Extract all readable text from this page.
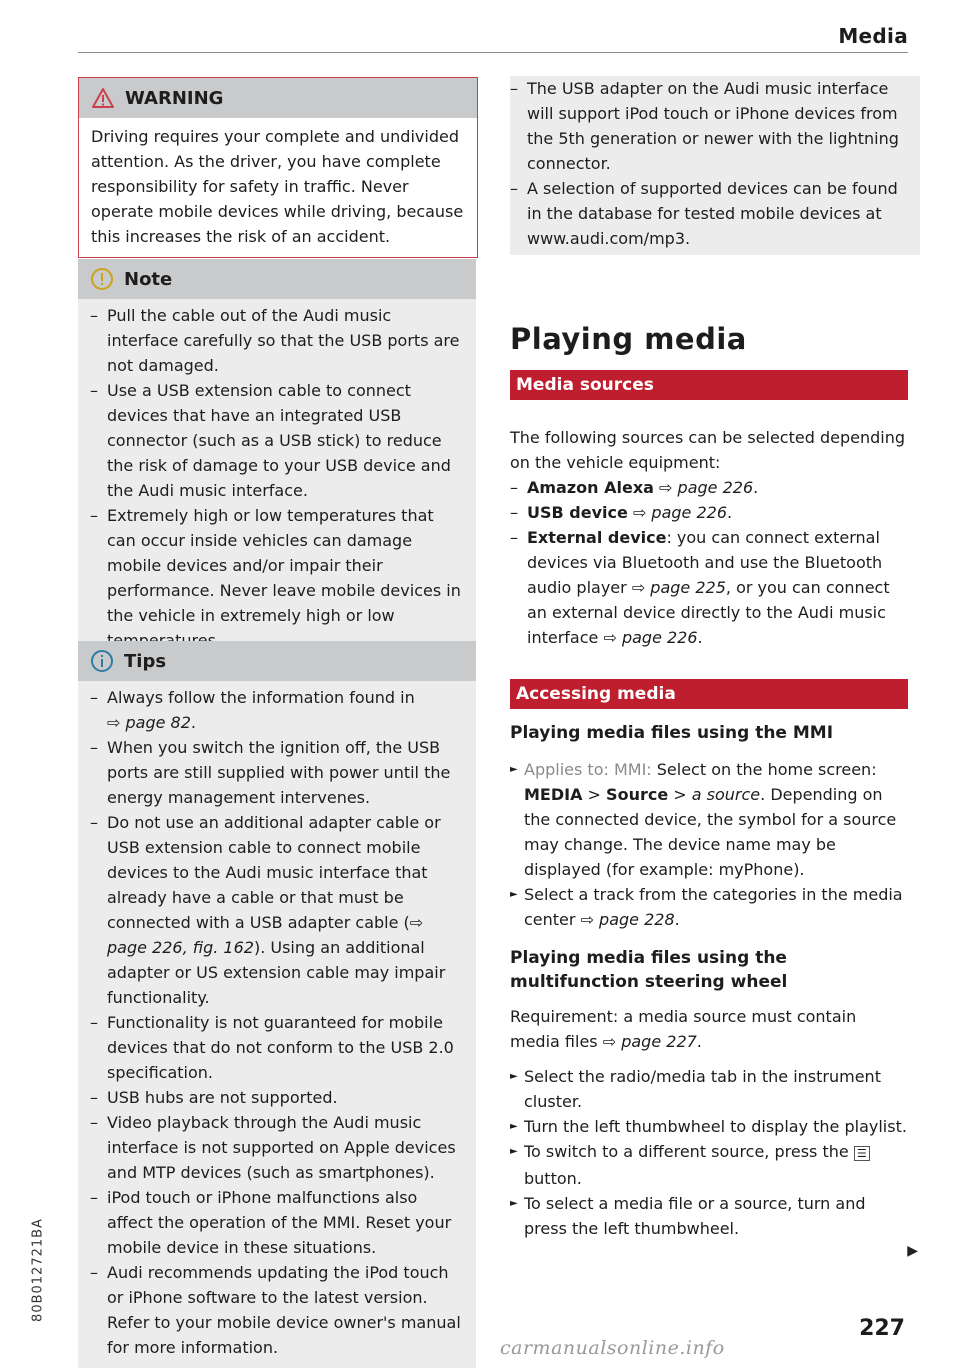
Media
80B012721BA
WARNING

Driving requires your complete and undivided attention. As the driver, you have complete responsibility for safety in traffic. Never operate mobile devices while driving, because this increases the risk of an accident.

Note

– Pull the cable out of the Audi music interface carefully so that the USB ports are not damaged.

– Use a USB extension cable to connect devices that have an integrated USB connector (such as a USB stick) to reduce the risk of damage to your USB device and the Audi music interface.

– Extremely high or low temperatures that can occur inside vehicles can damage mobile devices and/or impair their performance. Never leave mobile devices in the vehicle in extremely high or low

Tips

– Always follow the information found in
⇨ page 82.

– When you switch the ignition off, the USB ports are still supplied with power until the energy management intervenes.

– Do not use an additional adapter cable or USB extension cable to connect mobile devices to the Audi music interface that already have a cable or that must be connected with a USB adapter cable (⇨ page 226, fig. 162). Using an additional adapter or US extension cable may impair functionality.

– Functionality is not guaranteed for mobile devices that do not conform to the USB 2.0 specification.

– USB hubs are not supported.

– Video playback through the Audi music interface is not supported on Apple devices and MTP devices (such as smartphones).

– iPod touch or iPhone malfunctions also affect the operation of the MMI. Reset your mobile device in these situations.

– Audi recommends updating the iPod touch or iPhone software to the latest version. Refer to your mobile device owner's manual for more information.

– The USB adapter on the Audi music interface will support iPod touch or iPhone devices from the 5th generation or newer with the lightning connector.

– A selection of supported devices can be found in the database for tested mobile devices at www.audi.com/mp3.

Playing media
Media sources

The following sources can be selected depending on the vehicle equipment:

– Amazon Alexa ⇨ page 226.

– USB device ⇨ page 226.

– External device: you can connect external devices via Bluetooth and use the Bluetooth audio player ⇨ page 225, or you can connect an external device directly to the Audi music interface ⇨ page 226.

Accessing media

Playing media files using the MMI

► Applies to: MMI: Select on the home screen: MEDIA > Source > a source. Depending on the connected device, the symbol for a source may change. The device name may be displayed (for example: myPhone).

► Select a track from the categories in the media center ⇨ page 228.

Playing media files using the multifunction steering wheel

Requirement: a media source must contain media files ⇨ page 227.

► Select the radio/media tab in the instrument cluster.

► Turn the left thumbwheel to display the playlist.

► To switch to a different source, press the ☰ button.

► To select a media file or a source, turn and press the left thumbwheel.

▶
227
carmanualsonline.info
